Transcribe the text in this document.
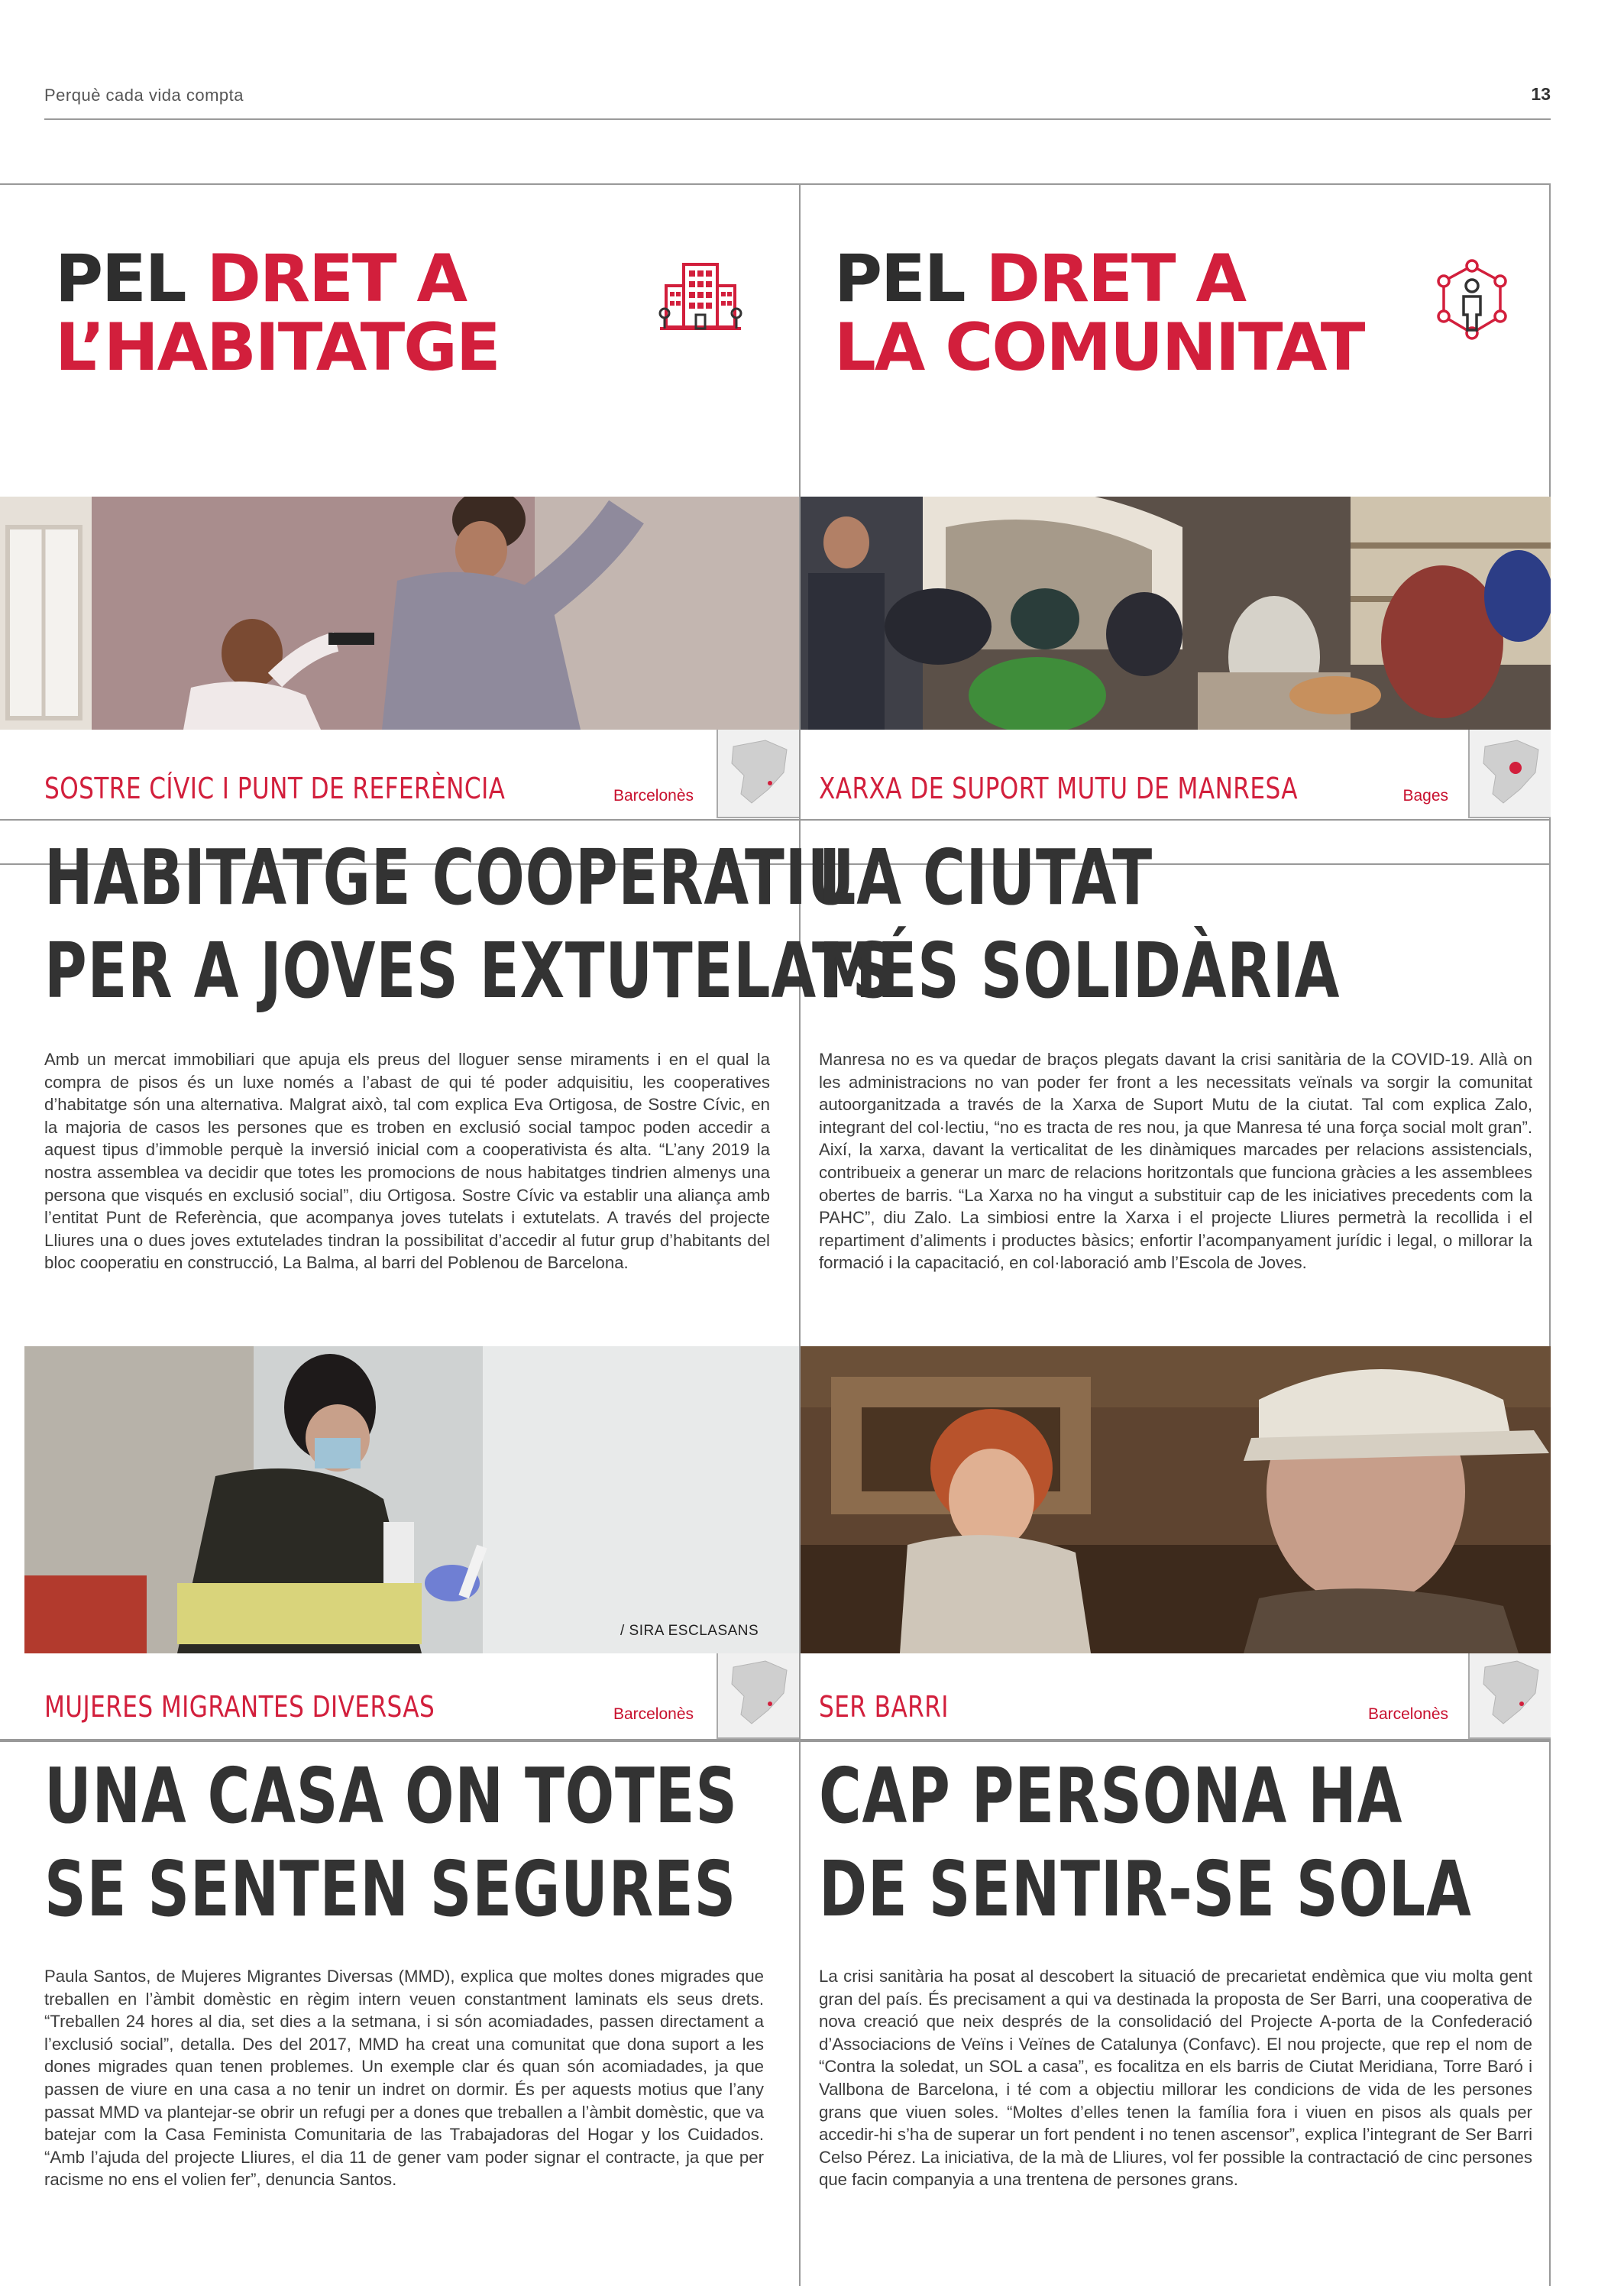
Perquè cada vida compta	13
PEL DRET A
L’HABITATGE
PEL DRET A
LA COMUNITAT
SOSTRE CÍVIC I PUNT DE REFERÈNCIA	Barcelonès
HABITATGE COOPERATIU
PER A JOVES EXTUTELATS
Amb un mercat immobiliari que apuja els preus del lloguer sense miraments i en el qual la compra de pisos és un luxe només a l’abast de qui té poder adquisitiu, les cooperatives d’habitatge són una alternativa. Malgrat això, tal com explica Eva Ortigosa, de Sostre Cívic, en la majoria de casos les persones que es troben en exclusió social tampoc poden accedir a aquest tipus d’immoble perquè la inversió inicial com a cooperativista és alta. “L’any 2019 la nostra assemblea va decidir que totes les promocions de nous habitatges tindrien almenys una persona que visqués en exclusió social”, diu Ortigosa. Sostre Cívic va establir una aliança amb l’entitat Punt de Referència, que acompanya joves tutelats i extutelats. A través del projecte Lliures una o dues joves extutelades tindran la possibilitat d’accedir al futur grup d’habitants del bloc cooperatiu en construcció, La Balma, al barri del Poblenou de Barcelona.
XARXA DE SUPORT MUTU DE MANRESA	Bages
LA CIUTAT
MÉS SOLIDÀRIA
Manresa no es va quedar de braços plegats davant la crisi sanitària de la COVID-19. Allà on les administracions no van poder fer front a les necessitats veïnals va sorgir la comunitat autoorganitzada a través de la Xarxa de Suport Mutu de la ciutat. Tal com explica Zalo, integrant del col·lectiu, “no es tracta de res nou, ja que Manresa té una força social molt gran”. Així, la xarxa, davant la verticalitat de les dinàmiques marcades per relacions assistencials, contribueix a generar un marc de relacions horitzontals que funciona gràcies a les assemblees obertes de barris. “La Xarxa no ha vingut a substituir cap de les iniciatives precedents com la PAHC”, diu Zalo. La simbiosi entre la Xarxa i el projecte Lliures permetrà la recollida i el repartiment d’aliments i productes bàsics; enfortir l’acompanyament jurídic i legal, o millorar la formació i la capacitació, en col·laboració amb l’Escola de Joves.
/ SIRA ESCLASANS
MUJERES MIGRANTES DIVERSAS	Barcelonès
UNA CASA ON TOTES
SE SENTEN SEGURES
Paula Santos, de Mujeres Migrantes Diversas (MMD), explica que moltes dones migrades que treballen en l’àmbit domèstic en règim intern veuen constantment laminats els seus drets. “Treballen 24 hores al dia, set dies a la setmana, i si són acomiadades, passen directament a l’exclusió social”, detalla. Des del 2017, MMD ha creat una comunitat que dona suport a les dones migrades quan tenen problemes. Un exemple clar és quan són acomiadades, ja que passen de viure en una casa a no tenir un indret on dormir. És per aquests motius que l’any passat MMD va plantejar-se obrir un refugi per a dones que treballen a l’àmbit domèstic, que va batejar com la Casa Feminista Comunitaria de las Trabajadoras del Hogar y los Cuidados. “Amb l’ajuda del projecte Lliures, el dia 11 de gener vam poder signar el contracte, ja que per racisme no ens el volien fer”, denuncia Santos.
SER BARRI	Barcelonès
CAP PERSONA HA
DE SENTIR-SE SOLA
La crisi sanitària ha posat al descobert la situació de precarietat endèmica que viu molta gent gran del país. És precisament a qui va destinada la proposta de Ser Barri, una cooperativa de nova creació que neix després de la consolidació del Projecte A-porta de la Confederació d’Associacions de Veïns i Veïnes de Catalunya (Confavc). El nou projecte, que rep el nom de “Contra la soledat, un SOL a casa”, es focalitza en els barris de Ciutat Meridiana, Torre Baró i Vallbona de Barcelona, i té com a objectiu millorar les condicions de vida de les persones grans que viuen soles. “Moltes d’elles tenen la família fora i viuen en pisos als quals per accedir-hi s’ha de superar un fort pendent i no tenen ascensor”, explica l’integrant de Ser Barri Celso Pérez. La iniciativa, de la mà de Lliures, vol fer possible la contractació de cinc persones que facin companyia a una trentena de persones grans.
